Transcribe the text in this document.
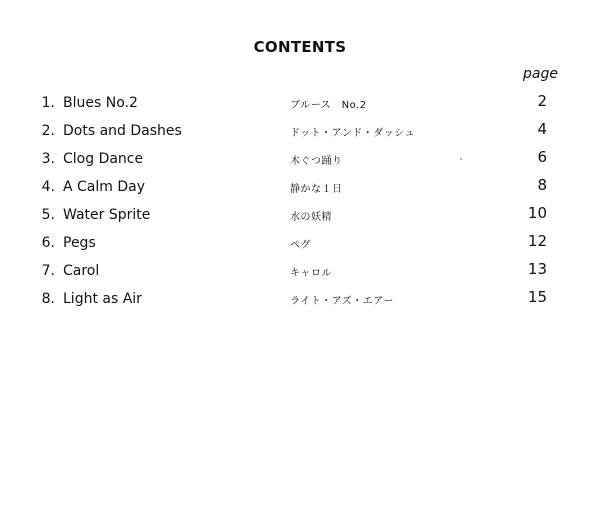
CONTENTS
page
1. Blues No.2	ブルース　No.2	2
2. Dots and Dashes	ドット・アンド・ダッシュ	4
3. Clog Dance	木ぐつ踊り	6
4. A Calm Day	静かな１日	8
5. Water Sprite	水の妖精	10
6. Pegs	ペグ	12
7. Carol	キャロル	13
8. Light as Air	ライト・アズ・エアー	15
